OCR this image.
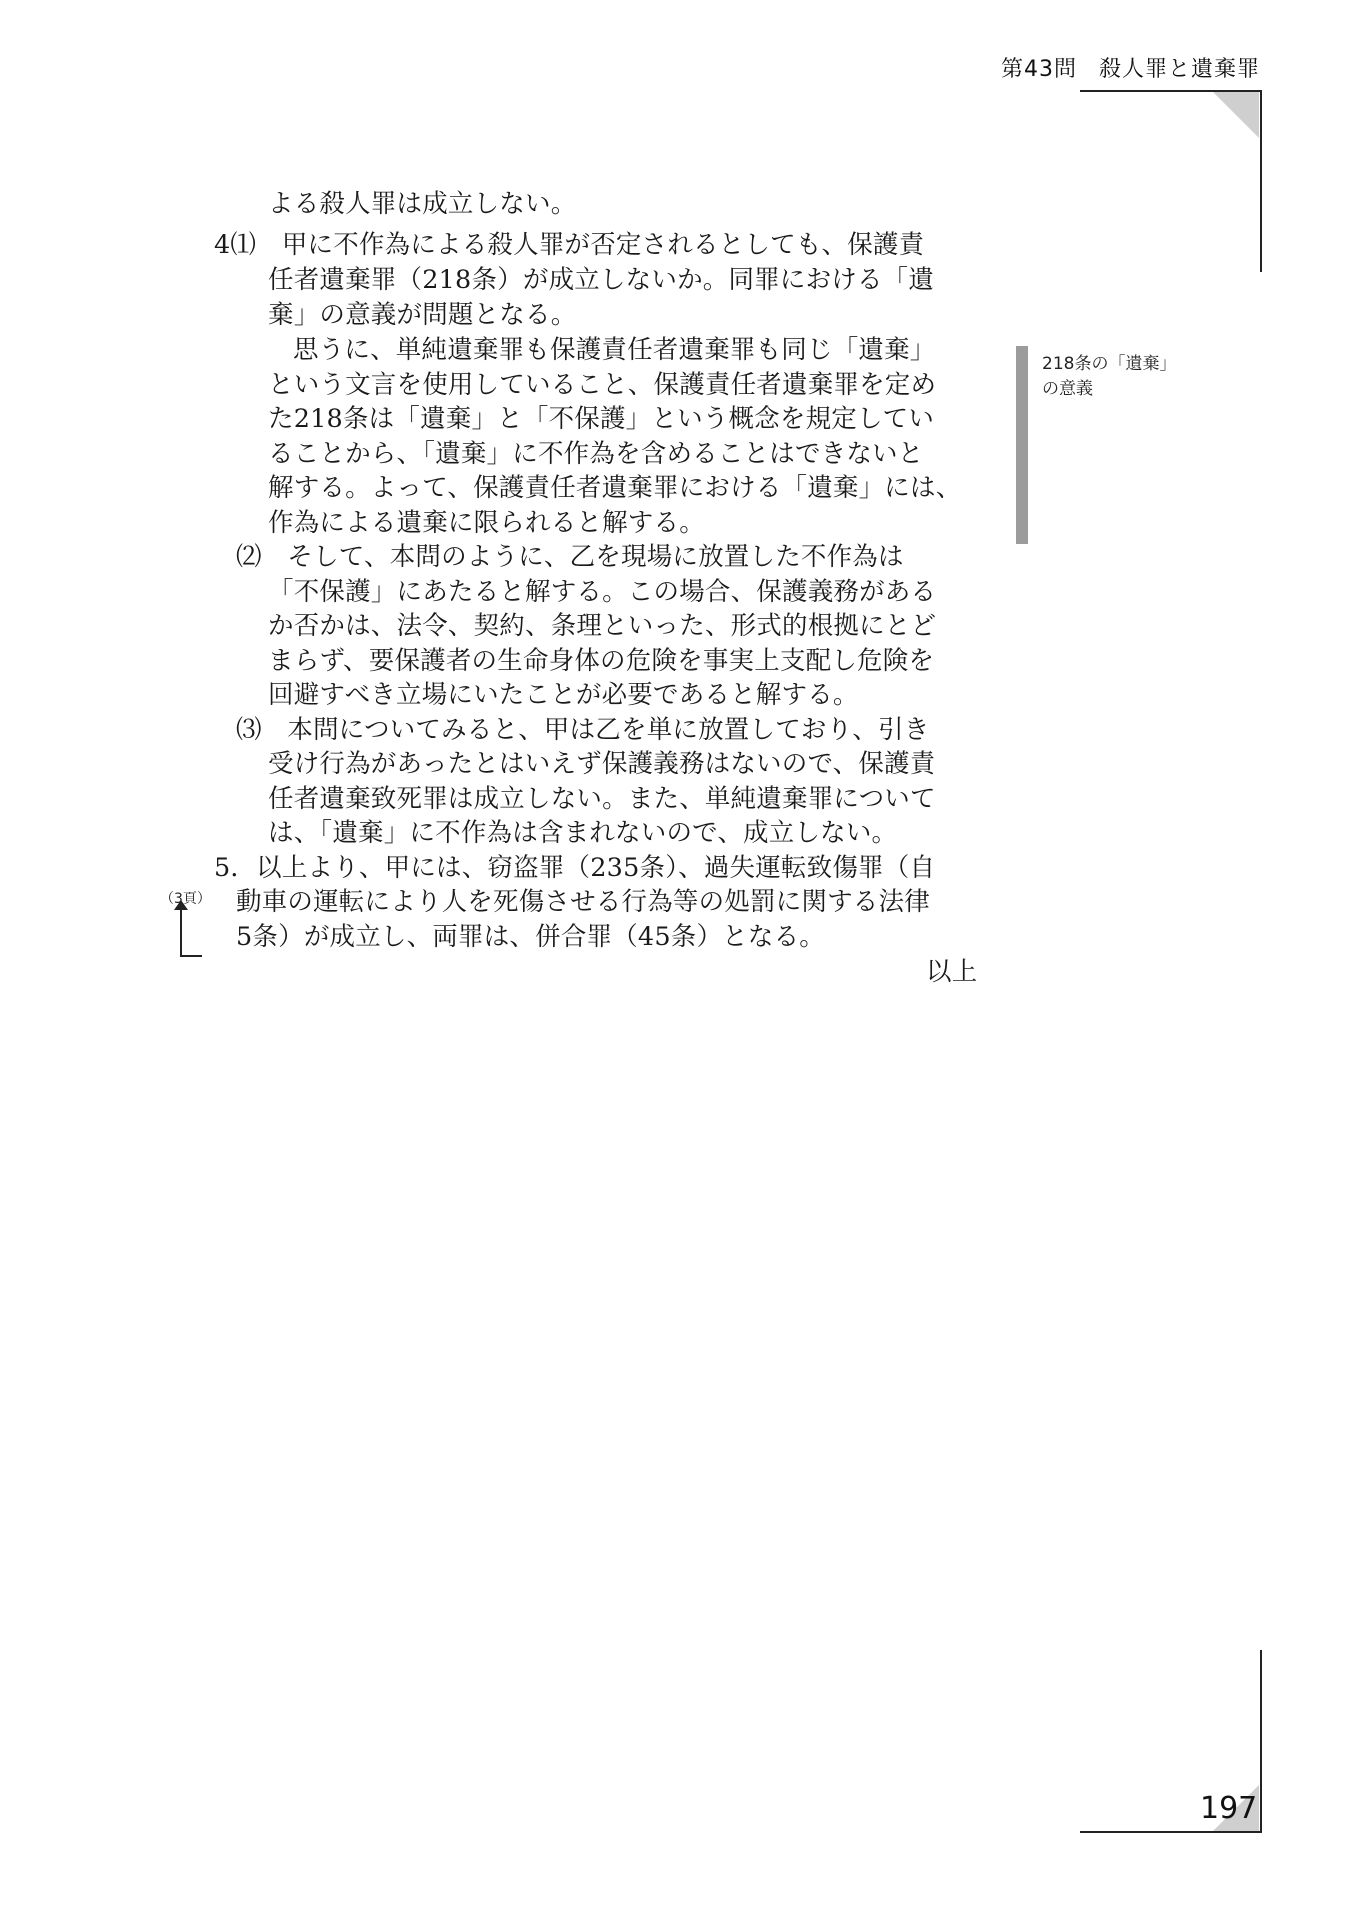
第43問 殺人罪と遺棄罪
よる殺人罪は成立しない。
4⑴　甲に不作為による殺人罪が否定されるとしても、保護責
任者遺棄罪（218条）が成立しないか。同罪における「遺
棄」の意義が問題となる。
思うに、単純遺棄罪も保護責任者遺棄罪も同じ「遺棄」
という文言を使用していること、保護責任者遺棄罪を定め
た218条は「遺棄」と「不保護」という概念を規定してい
ることから、「遺棄」に不作為を含めることはできないと
解する。よって、保護責任者遺棄罪における「遺棄」には、
作為による遺棄に限られると解する。
⑵　そして、本問のように、乙を現場に放置した不作為は
「不保護」にあたると解する。この場合、保護義務がある
か否かは、法令、契約、条理といった、形式的根拠にとど
まらず、要保護者の生命身体の危険を事実上支配し危険を
回避すべき立場にいたことが必要であると解する。
⑶　本問についてみると、甲は乙を単に放置しており、引き
受け行為があったとはいえず保護義務はないので、保護責
任者遺棄致死罪は成立しない。また、単純遺棄罪について
は、「遺棄」に不作為は含まれないので、成立しない。
5．以上より、甲には、窃盗罪（235条）、過失運転致傷罪（自
動車の運転により人を死傷させる行為等の処罰に関する法律
5条）が成立し、両罪は、併合罪（45条）となる。
以上
218条の「遺棄」
の意義
（3頁）
197
